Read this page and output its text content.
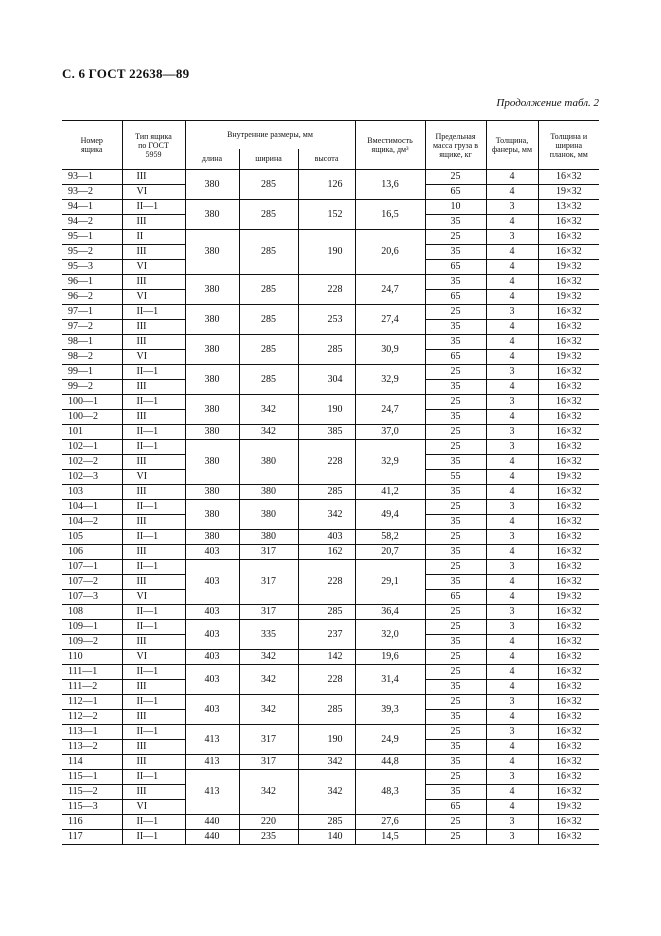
С. 6 ГОСТ 22638—89
Продолжение табл. 2
Номер ящика	Тип ящика по ГОСТ 5959	Внутренние размеры, мм			Вместимость ящика, дм³	Предельная масса груза в ящике, кг	Толщина, фанеры, мм	Толщина и ширина планок, мм
		длина	ширина	высота				
93—1	III	380	285	126	13,6	25	4	16×32
93—2	VI					65	4	19×32
94—1	II—1	380	285	152	16,5	10	3	13×32
94—2	III					35	4	16×32
95—1	II	380	285	190	20,6	25	3	16×32
95—2	III					35	4	16×32
95—3	VI					65	4	19×32
96—1	III	380	285	228	24,7	35	4	16×32
96—2	VI					65	4	19×32
97—1	II—1	380	285	253	27,4	25	3	16×32
97—2	III					35	4	16×32
98—1	III	380	285	285	30,9	35	4	16×32
98—2	VI					65	4	19×32
99—1	II—1	380	285	304	32,9	25	3	16×32
99—2	III					35	4	16×32
100—1	II—1	380	342	190	24,7	25	3	16×32
100—2	III					35	4	16×32
101	II—1	380	342	385	37,0	25	3	16×32
102—1	II—1	380	380	228	32,9	25	3	16×32
102—2	III					35	4	16×32
102—3	VI					55	4	19×32
103	III	380	380	285	41,2	35	4	16×32
104—1	II—1	380	380	342	49,4	25	3	16×32
104—2	III					35	4	16×32
105	II—1	380	380	403	58,2	25	3	16×32
106	III	403	317	162	20,7	35	4	16×32
107—1	II—1	403	317	228	29,1	25	3	16×32
107—2	III					35	4	16×32
107—3	VI					65	4	19×32
108	II—1	403	317	285	36,4	25	3	16×32
109—1	II—1	403	335	237	32,0	25	3	16×32
109—2	III					35	4	16×32
110	VI	403	342	142	19,6	25	4	16×32
111—1	II—1	403	342	228	31,4	25	4	16×32
111—2	III					35	4	16×32
112—1	II—1	403	342	285	39,3	25	3	16×32
112—2	III					35	4	16×32
113—1	II—1	413	317	190	24,9	25	3	16×32
113—2	III					35	4	16×32
114	III	413	317	342	44,8	35	4	16×32
115—1	II—1	413	342	342	48,3	25	3	16×32
115—2	III					35	4	16×32
115—3	VI					65	4	19×32
116	II—1	440	220	285	27,6	25	3	16×32
117	II—1	440	235	140	14,5	25	3	16×32
